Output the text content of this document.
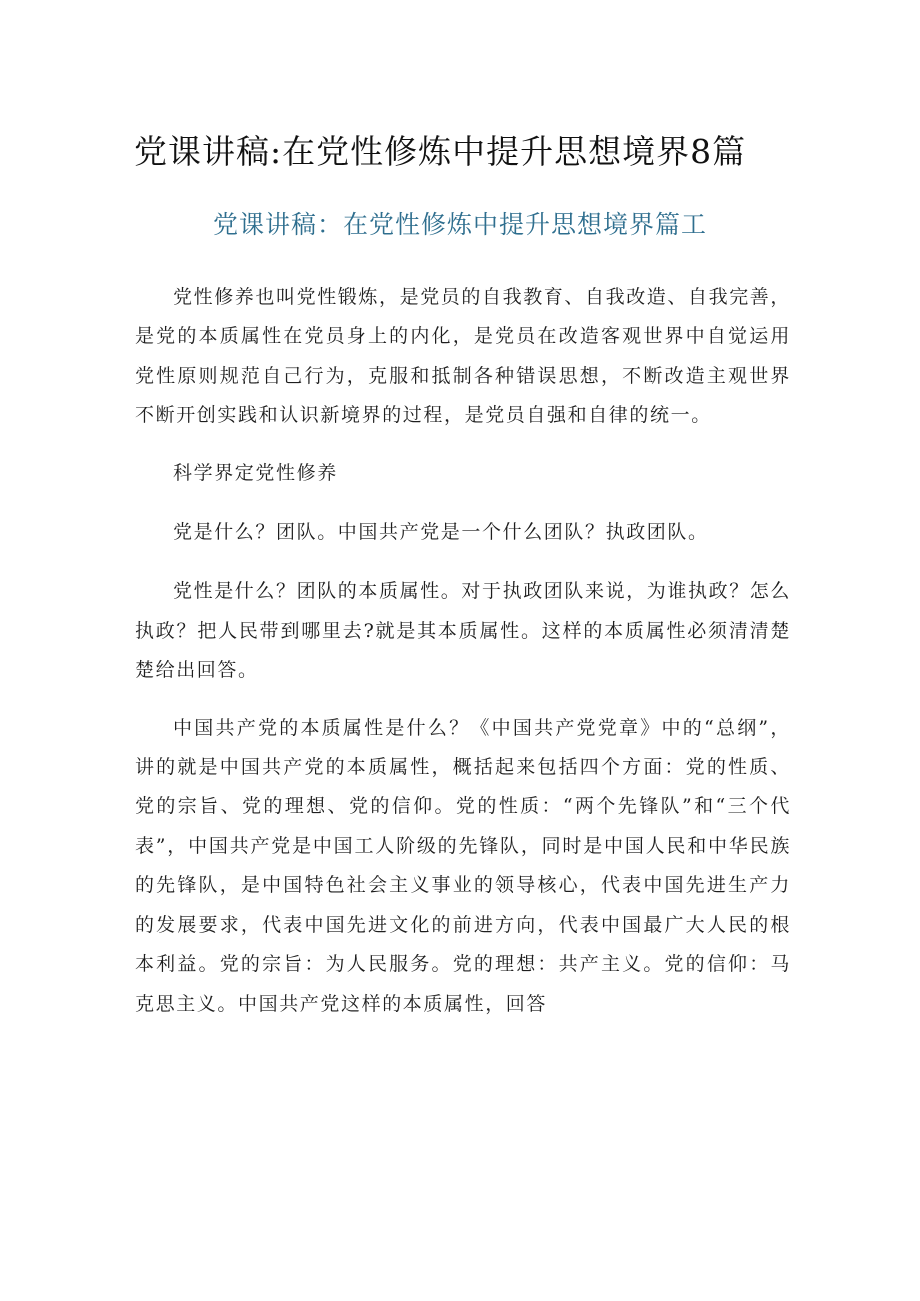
党课讲稿:在党性修炼中提升思想境界8篇
党课讲稿：在党性修炼中提升思想境界篇工

党性修养也叫党性锻炼，是党员的自我教育、自我改造、自我完善，是党的本质属性在党员身上的内化，是党员在改造客观世界中自觉运用党性原则规范自己行为，克服和抵制各种错误思想，不断改造主观世界不断开创实践和认识新境界的过程，是党员自强和自律的统一。

科学界定党性修养

党是什么？团队。中国共产党是一个什么团队？执政团队。

党性是什么？团队的本质属性。对于执政团队来说，为谁执政？怎么执政？把人民带到哪里去?就是其本质属性。这样的本质属性必须清清楚楚给出回答。

中国共产党的本质属性是什么？《中国共产党党章》中的“总纲”，讲的就是中国共产党的本质属性，概括起来包括四个方面：党的性质、党的宗旨、党的理想、党的信仰。党的性质：“两个先锋队”和“三个代表”，中国共产党是中国工人阶级的先锋队，同时是中国人民和中华民族的先锋队，是中国特色社会主义事业的领导核心，代表中国先进生产力的发展要求，代表中国先进文化的前进方向，代表中国最广大人民的根本利益。党的宗旨：为人民服务。党的理想：共产主义。党的信仰：马克思主义。中国共产党这样的本质属性，回答
